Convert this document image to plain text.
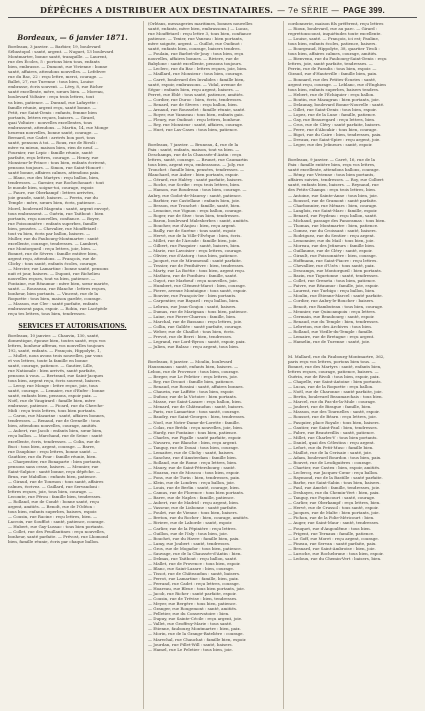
DÉPÊCHES A DISTRIBUER AUX DESTINATAIRES. — 7e SÉRIE — PAGE 399.
Bordeaux, — 6 janvier 1871.
Bordeaux, 3 janvier. — Barbier, 19, boulevard
Sébastopol : santé, argent. — Nuguet, 13 boulevard
Montmartre, bonne santé, tranquille. — Laurent,
rue des Écoles, 5 : portons bien tous, enfants
bien, embrasse. — Dumont, rue Vivienne : bonne
santé, affaires, attendons nouvelles. — Lefebvre
rue du Bac, 22 : reçu lettre, merci, courage. —
Ballet, 27, rue Turenne : tous bien, Louise
embrasse, écris souvent. — Lévy, 8, rue Richer
santé excellente, mère, sœurs bien. — Moreau,
boulevard Voltaire : reçu trois lettres, tout
va bien, patience. — Durand, rue Lafayette :
famille réunie, argent reçu, santé bonne. —
Petit, rue Saint-Denis : enfants, femme bien
portants, lettres reçues, baisers. — Girard,
quai Voltaire : nouvelles excellentes, tous
embrassent, attendons. — Martin, 14, rue Monge
heureux nouvelles, bonne santé, courage. —
Bernard, rue Cadet : arrivés bon port, tous
santé, pensons à toi. — Roux, rue de Rivoli :
mère va mieux, maison bien, rien de neuf. —
Fournier, rue Lepic : famille réunie, santé
parfaite, reçu lettres, courage. — Henry, rue
Monsieur-le-Prince : tous bien, enfants écrivent,
pensons toujours. — Simon, rue Saint-Honoré :
santé bonne, affaires calmes, attendons paix.
— Blanc, rue des Martyrs : reçu ballon, bien,
tendresses. — Garnier, rue Rochechouart : tout
le monde bien, soigne-toi, courage, espoir.
— Faure, rue Oberkampf : lettres arrivées,
joie grande, santé, baisers. — Perrin, rue du
Temple : mère, sœurs bien, écris, patience. —
Morel, boulevard Magenta : santé, argent envoyé,
tous embrassent. — Guérin, rue Taitbout : bien
portants, reçu nouvelles, confiance. — Boyer,
rue Poissonnière : enfants superbes, famille
bien, pensées. — Chevalier, rue Mouffetard :
tout va bien, écris par ballon, baisers. —
Muller, rue du Faubourg-Montmartre : santé
excellente, courage, tendresses. — Lambert,
rue Montorgueil : reçu lettres, joie, bien. —
Bonnet, rue de Sèvres : famille entière bien,
argent reçu, attendons. — François, rue de
Clichy : tous santé, enfants écoles, courage.
— Mercier, rue Lamartine : bonne santé, pensons
nuit et jour, baisers. — Dupont, rue Richelieu
nouvelles reçues, tout va bien, patience. —
Fontaine, rue Réaumur : mère bien, sœur mariée,
santé. — Rousseau, rue Blanche : lettres reçues,
bonheur, bien portants. — Vincent, rue de la
Roquette : tous bien, maison gardée, courage.
— Masson, rue Cler : santé parfaite, enfants
embrassent papa, espoir. — Robin, rue Lacépède
reçu tes lettres, tous bien, tendresses.
SERVICES ET AUTORISATIONS.
Bordeaux, 10 janvier. — Chauvin, 130, santé,
domestique, épouse bien, toutes santé, reçu vos
lettres, bonheur affreux, vos nouvelles toujours
192, santé, enfants. — François, Hippolyte, 1,
— Mullet, nous avons trois nouvelles, par vous
et vos lettres, toute la famille en bonne
santé, courage, patience. — Gautier, Lille,
rue Nationale : bien arrivés, santé parfaite,
pensons à vous. — Bertrand, rue Saint-Jacques
tous bien, argent reçu, écris souvent, baisers.
— Leroy, rue Monge : lettre reçue, joie, tous
santé, courage. — Lemaire, rue d'Enfer : bonne
santé, enfants bien, pensons, espoir paix. —
Noël, rue de Vaugirard : famille bien, mère
embrasse, patience. — Picard, rue du Cherche-
Midi : reçu trois lettres, tous bien portants.
— Caron, rue Mazarine : santé, affaires bonnes,
tendresses. — Renaud, rue de Grenelle : tous
bien, attendons nouvelles, courage, amitiés.
— Aubert, rue Jacob : enfants bien, sœur bien,
reçu ballon. — Marchand, rue de Seine : santé
excellente, écris, tendresses. — Colin, rue de
Buci : tous bien, argent, courage. — Barre,
rue Dauphine : reçu lettres, bonne santé. —
Gauthier, rue du Four : famille réunie, bien.
— Charpentier, rue Bonaparte : bien portants,
pensons sans cesse, baisers. — Meunier, rue
Saint-Sulpice : santé bonne, reçu dépêche. —
Brun, rue Mabillon : enfants bien, patience.
— Giraud, rue de Tournon : tous santé, affaires
calmes, écrivez. — Gaillard, rue Servandoni :
lettres reçues, joie, tous bien, courage. —
Lecomte, rue Férou : famille bien, tendresses.
— Rolland, rue de Condé : bonne santé, reçu
argent, amitiés. — Benoît, rue de l'Odéon :
tous bien, enfants superbes, baisers, espoir.
— Cousin, rue Racine : reçu lettres, bien. —
Lacroix, rue Soufflot : santé, patience, courage.
— Hubert, rue Gay-Lussac : tous bien portants.
— Collet, rue des Feuillantines : reçu nouvelles,
bonheur, santé parfaite. — Prévost, rue Lhomond
bien, famille réunie, écris par chaque ballon.
(Orléans, messageries maritimes, bonnes nouvelles
santé, enfants, mère bien, embrassons.) — Lucas,
rue Mouffetard : reçu lettre 3, tous bien, confiance
patience. — Texier, rue Vaneau : bien portants,
mère soignée, argent. — Guillot, rue Oudinot :
santé, enfants bien, courage, baisers tendres.
— Poulain, rue Barbet-de-Jouy : tous bien, reçu
nouvelles, affaires bonnes. — Riviere, rue de
Babylone : santé excellente, pensons toujours.
— Leclerc, rue du Bac : lettres reçues, joie, bien.
— Maillard, rue Monsieur : tous bien, courage.
— Carré, boulevard des Invalides : famille bien,
santé, espoir, embrassons. — Vidal, avenue de
Ségur : enfants bien, reçu argent, baisers. —
Perret, rue Éblé : tous santé, patience, amitiés.
— Cordier, rue Duroc : bien, écris, tendresses.
— Renard, rue de Sèvres : reçu ballon, bien.
— Arnaud, rue Rousselet : famille réunie, santé.
— Royer, rue Vanneau : tous bien, enfants gais.
— Fleury, rue Oudinot : reçu lettres, bonheur.
— Rey, rue Monsieur : santé, affaires, courage.
— Huet, rue Las-Cases : tous bien, patience.
Bordeaux, 7 janvier. — Bruneau, 4, rue de la
Paix : santé, enfants, maison, tout va bien. —
Deschamps, rue de la Chaussée-d'Antin : reçu
lettres, santé, courage. — Brunet, rue Caumartin
tous bien, argent reçu, embrassons. — Joly, rue
Tronchet : famille bien, pensées, tendresses. —
Blanchard, rue Auber : bien portants, espoir.
— Gérard, rue Halévy : santé parfaite, baisers.
— Roche, rue Scribe : reçu trois lettres, bien.
— Hamon, rue Boudreau : tous bien, courage. —
Aubry, rue Godot-de-Mauroy : santé, patience.
— Barbier, rue Castellane : enfants bien, joie.
— Besson, rue Tronchet : famille, santé, bien.
— Lemoine, rue Vignon : reçu ballon, courage.
— Roger, rue de Sèze : tous bien, tendresses.
— Baron, boulevard Malesherbes : santé, amitiés.
— Boucher, rue d'Anjou : bien, reçu argent.
— Bailly, rue de Surène : tous santé, espoir.
— Hervé, rue de la Ville-l'Évêque : bien, écris.
— Millet, rue de l'Arcade : famille bien, joie.
— Gilbert, rue Pasquier : santé, baisers, bien.
— Marie, rue Lavoisier : reçu lettres, courage.
— Olivier, rue d'Astorg : tous bien, patience.
— Jacquet, rue de Miromesnil : santé parfaite.
— Tessier, rue de Penthièvre : bien, tendresses.
— Marty, rue La Boétie : tous bien, argent reçu.
— Mathieu, rue de Ponthieu : famille, santé.
— Guyot, rue Marbeuf : reçu nouvelles, joie.
— Humbert, rue Clément-Marot : bien, courage.
— Pierre, avenue Montaigne : tous santé, espoir.
— Bouvier, rue François-Ier : bien portants.
— Carpentier, rue Bayard : reçu ballon, bien.
— Lebrun, rue Jean-Goujon : santé, baisers.
— Dumas, rue de Marignan : tous bien, patience.
— Laine, rue Pierre-Charron : famille, bien.
— Marchal, rue de Bassano : reçu lettres, joie.
— Collin, rue Galilée : santé parfaite, courage.
— Weber, rue de Chaillot : tous bien, écris.
— Prevot, rue de Berri : bien, tendresses.
— Legrand, rue Lord-Byron : santé, espoir, paix.
— Julien, rue Balzac : reçu argent, tous bien.
Bordeaux, 8 janvier. — Moulin, boulevard
Haussmann : santé, enfants bien, baisers. —
Lebon, rue de Provence : tous bien, courage.
— Berger, rue Le Peletier : reçu lettres, joie.
— Rey, rue Drouot : famille bien, patience.
— Renaud, rue Rossini : santé, affaires bonnes.
— Chauvin, rue Laffitte : tous bien, espoir.
— Dufour, rue de la Victoire : bien portants.
— Masse, rue Saint-Lazare : reçu ballon, bien.
— Menard, rue de Châteaudun : santé, baisers.
— Paris, rue Lamartine : tous santé, courage.
— Baudry, rue Saint-Georges : bien, tendresses.
— Noel, rue Notre-Dame-de-Lorette : famille.
— Colas, rue Bréda : reçu nouvelles, joie, bien.
— Hardy, rue Fontaine : tous bien, patience.
— Charles, rue Pigalle : santé parfaite, espoir.
— Navarro, rue Blanche : bien, reçu argent.
— Tanguy, rue de Douai : tous bien, courage.
— Lemaitre, rue de Clichy : santé, baisers.
— Sanchez, rue d'Amsterdam : famille bien.
— Rolland, rue de Rome : reçu lettres, bien.
— Maury, rue de Saint-Pétersbourg : santé.
— Hoarau, rue de Moscou : tous bien, espoir.
— Pons, rue de Turin : bien, tendresses, paix.
— Klein, rue de Londres : reçu ballon, joie.
— Louis, rue de Berlin : santé, courage, bien.
— Camus, rue de Florence : tous bien portants.
— Barre, rue de Naples : famille, patience.
— Aubert, rue de Madrid : reçu argent, bien.
— Vasseur, rue de Lisbonne : santé parfaite.
— Poulet, rue de Vienne : tous bien, baisers.
— Breton, rue du Rocher : bien, courage, amitiés.
— Riviere, rue de Laborde : santé, espoir.
— Carlier, rue de la Pépinière : reçu lettres.
— Guillon, rue de l'Isly : tous bien, joie.
— Bouchet, rue du Havre : famille bien, paix.
— Lamy, rue Joubert : santé, tendresses.
— Gros, rue de Mogador : tous bien, patience.
— Sauvage, rue de la Chaussée-d'Antin : bien.
— Delmas, rue Taitbout : reçu ballon, santé.
— Mallet, rue de Provence : tous bien, espoir.
— Blanc, rue Saint-Lazare : bien, courage.
— Tissot, rue de Châteaudun : santé, baisers.
— Perrot, rue Lamartine : famille, bien, paix.
— Ferrand, rue Cadet : reçu lettres, courage.
— Hoareau, rue Bleue : tous bien portants, joie.
— Jacob, rue Richer : santé parfaite, espoir.
— Cousin, rue de Trévise : bien, tendresses.
— Meyer, rue Bergère : tous bien, patience.
— Granger, rue Rougemont : santé, amitiés.
— Pelletier, rue du Conservatoire : bien.
— Dupuy, rue Sainte-Cécile : reçu argent, joie.
— Vallet, rue Geoffroy-Marie : tous santé.
— Etienne, faubourg Montmartre : bien, paix.
— Morin, rue de la Grange-Batelière : courage.
— Marechal, rue Chauchat : famille bien, espoir.
— Jourdan, rue Pillet-Will : santé, baisers.
— Hamel, rue Le Peletier : tous bien, joie.
cordonnerie, maison fils préfèrent, reçu lettres
— Rioux, boulevard, rue au parc. — Girard :
regrettonsconst, inquiétudes toute excellente.
— Louise, santé. — François, ici est; Pauline,
tous bien, enfants écoles, patience, baisers.
— Bourgeaud, Hippolyte, 38, quartier Tivoli :
tous bien, affaires calmes, courage, amitiés.
— Bienvenu, rue du Faubourg-Saint-Denis : reçu
lettres, joie, santé parfaite, tendresses. —
Perrin, rue de Paradis : tous bien, espoir. —
Giraud, rue d'Hauteville : famille bien, paix.
— Bonnard, rue des Petites-Écuries : santé,
argent reçu, courage. — Leblanc, rue d'Enghien
tous bien, enfants superbes, baisers tendres.
— Hebert, rue de l'Échiquier : reçu ballon.
— Boutin, rue Mazagran : bien portants, joie.
— Delaunay, boulevard Bonne-Nouvelle : santé.
— Gillet, rue Saint-Denis : tous bien, espoir.
— Lopez, rue de la Lune : famille, patience.
— Gay, rue Beauregard : reçu lettres, bien.
— Cros, rue de Cléry : santé parfaite, baisers.
— Ferre, rue d'Aboukir : tous bien, courage.
— Bigot, rue du Caire : bien, tendresses, paix.
— Devaux, rue Saint-Spire : reçu argent, joie.
— Leger, rue des Jeûneurs : santé, espoir.
Bordeaux, 9 janvier. — Carré, 16, rue de la
Paix : famille entière bien, reçu vos lettres,
santé excellente, attendons ballons, courage.
— Rémy, rue Vivienne : tous bien portants,
affaires suivies, tendresses. — Roy, rue Colbert
santé, enfants bien, baisers. — Reynaud, rue
des Petits-Champs : reçu trois lettres, bien.
— Antoine, rue Sainte-Anne : tous bien, joie.
— Roussel, rue de Gramont : santé parfaite.
— Charbonnier, rue Ménars : bien, courage.
— Langlois, rue Saint-Marc : famille, espoir.
— Benard, rue Feydeau : reçu ballon, santé.
— Michaud, passage des Panoramas : tous bien.
— Thomas, rue Montmartre : bien, patience.
— Gomez, rue du Croissant : santé, baisers.
— Rodriguez, rue du Sentier : reçu argent.
— Lemonnier, rue du Mail : tous bien, joie.
— Moreau, rue des Jeûneurs : famille bien.
— Guillaume, rue de Cléry : santé, espoir.
— Girault, rue Poissonnière : bien, courage.
— Hoffmann, rue Saint-Fiacre : reçu lettres.
— Chevallier, rue d'Uzès : tous santé, paix.
— Descamps, rue Montorgueil : bien portants.
— Bazin, rue Tiquetonne : santé, tendresses.
— Collet, rue Greneta : tous bien, patience.
— Faivre, rue Réaumur : famille, joie, espoir.
— Laurent, rue Turbigo : reçu ballon, bien.
— Moulin, rue Étienne-Marcel : santé parfaite.
— Cordier, rue Aubry-le-Boucher : baisers.
— Benoit, rue Rambuteau : tous bien, courage.
— Meunier, rue Quincampoix : reçu lettres.
— Germain, rue Beaubourg : santé, espoir.
— Renaud, rue du Temple : bien, tendresses.
— Lebreton, rue des Archives : tous bien.
— Rolland, rue Vieille-du-Temple : famille.
— Lemaire, rue de Bretagne : reçu argent.
— Hamelin, rue de Turenne : santé, joie.
M. Mallard, rue du Faubourg-Montmartre, 362,
paris reçu vos lettres, portons bien tous. —
Bonnet, rue des Martyrs : santé, enfants bien,
lettres reçues, courage, patience, baisers. —
Guérin, rue de Rivoli : tous bien, espoir, paix.
— Chapelle, rue Saint-Antoine : bien portants.
— Lucas, rue de la Roquette : reçu ballon.
— Noël, rue de Charonne : santé parfaite, joie.
— Bertin, boulevard Beaumarchais : tous bien.
— Marcel, rue du Pas-de-la-Mule : courage.
— Joubert, rue de Birague : famille, bien.
— Masson, rue des Tournelles : santé, espoir.
— Rousset, rue de Béarn : reçu lettres, joie.
— Pasquier, place Royale : tous bien, baisers.
— Gautier, rue Saint-Paul : bien, tendresses.
— Fabre, rue Beautreillis : santé, patience.
— Millet, rue Charles-V : tous bien portants.
— Daniel, quai des Célestins : reçu argent.
— Lefort, rue du Petit-Musc : famille bien.
— Maillot, rue de la Cerisaie : santé, joie.
— Adam, boulevard Bourdon : tous bien, paix.
— Bouvet, rue de Lesdiguières : courage.
— Chartier, rue Castex : bien, espoir, amitiés.
— Leclercq, rue Jacques-Cœur : reçu ballon.
— Raymond, rue de la Bastille : santé parfaite.
— Barbe, rue Saint-Sabin : tous bien, baisers.
— Paul, rue Amelot : famille, tendresses, joie.
— Deshayes, rue du Chemin-Vert : bien, paix.
— Tanguy, rue Popincourt : santé, courage.
— Carlier, rue Oberkampf : reçu lettres, bien.
— Hervé, rue de Crussol : tous santé, espoir.
— Jacques, rue de Malte : bien portants, joie.
— Pichon, rue de la Folie-Méricourt : bien.
— Auger, rue Saint-Maur : santé, tendresses.
— Fouquet, rue d'Angoulême : tous bien.
— Prigent, rue Ternaux : famille, patience.
— Le Goff, rue Moret : reçu argent, courage.
— Pineau, rue Servan : santé parfaite, paix.
— Besnard, rue Saint-Ambroise : bien, joie.
— Laroche, rue Rochebrune : tous bien, espoir.
— Ledoux, rue du Chemin-Vert : baisers, bien.
